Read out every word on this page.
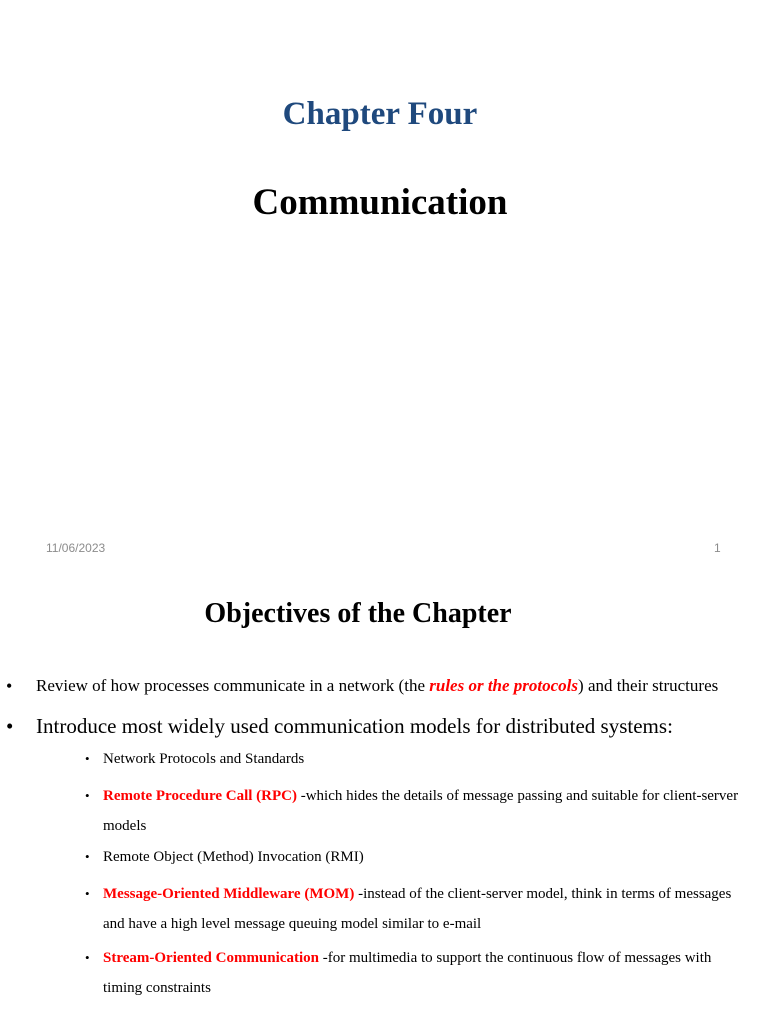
Chapter Four
Communication
11/06/2023	1
Objectives of the Chapter
• Review of how processes communicate in a network (the rules or the protocols) and their structures
• Introduce most widely used communication models for distributed systems:
• Network Protocols and Standards
• Remote Procedure Call (RPC) -which hides the details of message passing and suitable for client-server models
• Remote Object (Method) Invocation (RMI)
• Message-Oriented Middleware (MOM) -instead of the client-server model, think in terms of messages and have a high level message queuing model similar to e-mail
• Stream-Oriented Communication -for multimedia to support the continuous flow of messages with timing constraints
